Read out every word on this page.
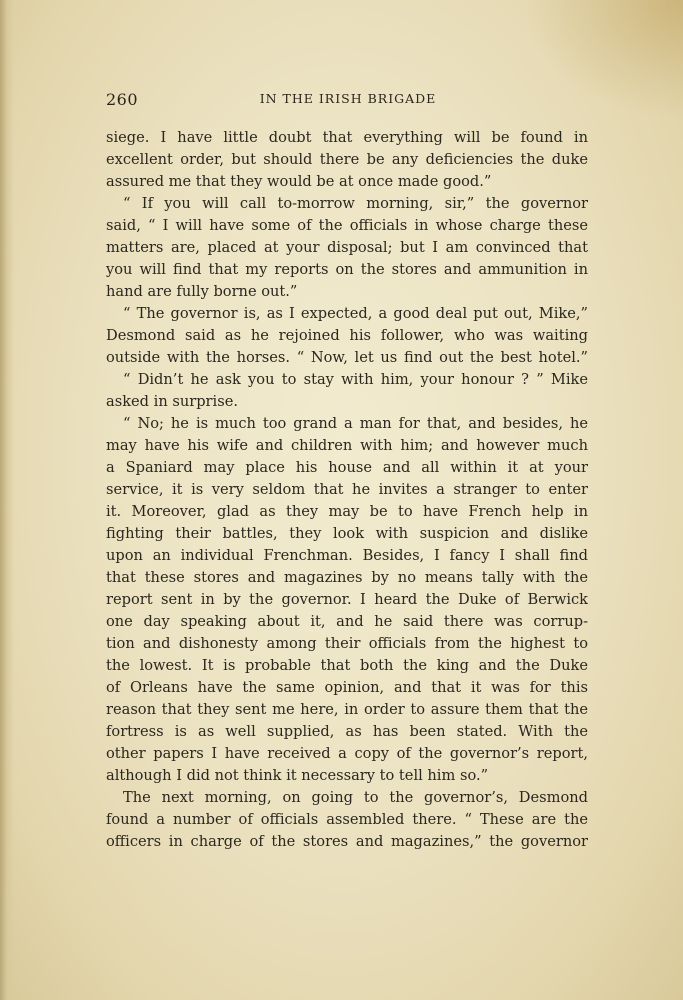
260	IN THE IRISH BRIGADE
siege. I have little doubt that everything will be found in
excellent order, but should there be any deficiencies the duke
assured me that they would be at once made good.”
“ If you will call to-morrow morning, sir,” the governor
said, “ I will have some of the officials in whose charge these
matters are, placed at your disposal; but I am convinced that
you will find that my reports on the stores and ammunition in
hand are fully borne out.”
“ The governor is, as I expected, a good deal put out, Mike,”
Desmond said as he rejoined his follower, who was waiting
outside with the horses. “ Now, let us find out the best hotel.”
“ Didn’t he ask you to stay with him, your honour ? ” Mike
asked in surprise.
“ No; he is much too grand a man for that, and besides, he
may have his wife and children with him; and however much
a Spaniard may place his house and all within it at your
service, it is very seldom that he invites a stranger to enter
it. Moreover, glad as they may be to have French help in
fighting their battles, they look with suspicion and dislike
upon an individual Frenchman. Besides, I fancy I shall find
that these stores and magazines by no means tally with the
report sent in by the governor. I heard the Duke of Berwick
one day speaking about it, and he said there was corrup-
tion and dishonesty among their officials from the highest to
the lowest. It is probable that both the king and the Duke
of Orleans have the same opinion, and that it was for this
reason that they sent me here, in order to assure them that the
fortress is as well supplied, as has been stated. With the
other papers I have received a copy of the governor’s report,
although I did not think it necessary to tell him so.”
The next morning, on going to the governor’s, Desmond
found a number of officials assembled there. “ These are the
officers in charge of the stores and magazines,” the governor
